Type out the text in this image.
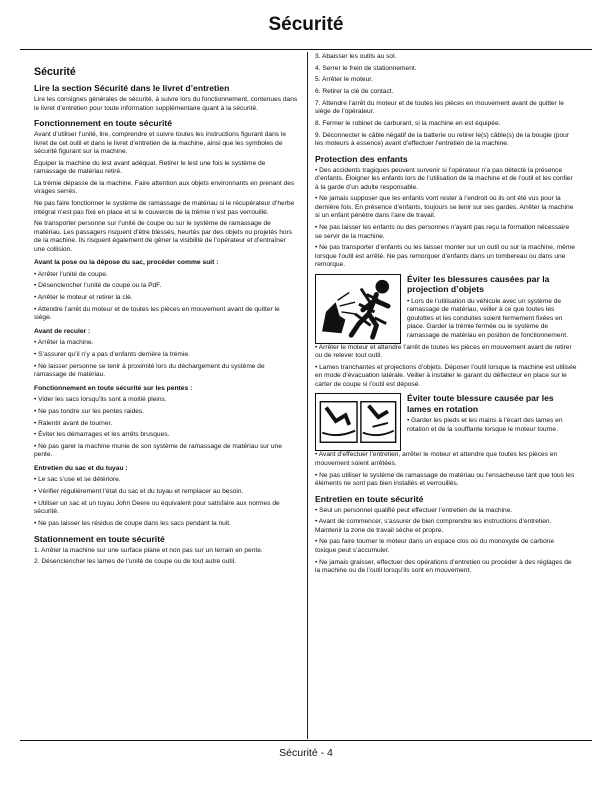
Sécurité
Sécurité
Lire la section Sécurité dans le livret d’entretien

Lire les consignes générales de sécurité, à suivre lors du fonctionnement, contenues dans le livret d’entretien pour toute information supplémentaire quant à la sécurité.

Fonctionnement en toute sécurité

Avant d’utiliser l’unité, lire, comprendre et suivre toutes les instructions figurant dans le livret de cet outil et dans le livret d’entretien de la machine, ainsi que les symboles de sécurité figurant sur la machine.

Équiper la machine du lest avant adéquat. Retirer le lest une fois le système de ramassage de matériau retiré.

La trémie dépasse de la machine. Faire attention aux objets environnants en prenant des virages serrés.

Ne pas faire fonctionner le système de ramassage de matériau si le récupérateur d’herbe intégral n’est pas fixé en place et si le couvercle de la trémie n’est pas verrouillé.

Ne transporter personne sur l’unité de coupe ou sur le système de ramassage de matériau. Les passagers risquent d’être blessés, heurtés par des objets ou projetés hors de la machine. Ils risquent également de gêner la visibilité de l’opérateur et d’entraîner une collision.

Avant la pose ou la dépose du sac, procéder comme suit :

• Arrêter l’unité de coupe.

• Désenclencher l’unité de coupe ou la PdF.

• Arrêter le moteur et retirer la clé.

• Attendre l’arrêt du moteur et de toutes les pièces en mouvement avant de quitter le siège.

Avant de reculer :

• Arrêter la machine.

• S’assurer qu’il n’y a pas d’enfants derrière la trémie.

• Ne laisser personne se tenir à proximité lors du déchargement du système de ramassage de matériau.

Fonctionnement en toute sécurité sur les pentes :

• Vider les sacs lorsqu’ils sont à moitié pleins.

• Ne pas tondre sur les pentes raides.

• Ralentir avant de tourner.

• Éviter les démarrages et les arrêts brusques.

• Ne pas garer la machine munie de son système de ramassage de matériau sur une pente.

Entretien du sac et du tuyau :

• Le sac s’use et se détériore.

• Vérifier régulièrement l’état du sac et du tuyau et remplacer au besoin.

• Utiliser un sac et un tuyau John Deere ou équivalent pour satisfaire aux normes de sécurité.

• Ne pas laisser les résidus de coupe dans les sacs pendant la nuit.

Stationnement en toute sécurité

1. Arrêter la machine sur une surface plane et non pas sur un terrain en pente.

2. Désenclencher les lames de l’unité de coupe ou de tout autre outil.

3. Abaisser les outils au sol.

4. Serrer le frein de stationnement.

5. Arrêter le moteur.

6. Retirer la clé de contact.

7. Attendre l’arrêt du moteur et de toutes les pièces en mouvement avant de quitter le siège de l’opérateur.

8. Fermer le robinet de carburant, si la machine en est équipée.

9. Déconnecter le câble négatif de la batterie ou retirer le(s) câble(s) de la bougie (pour les moteurs à essence) avant d’effectuer l’entretien de la machine.

Protection des enfants

• Des accidents tragiques peuvent survenir si l’opérateur n’a pas détecté la présence d’enfants. Éloigner les enfants lors de l’utilisation de la machine et de l’outil et les confier à la garde d’un adulte responsable.

• Ne jamais supposer que les enfants vont rester à l’endroit où ils ont été vus pour la dernière fois. En présence d’enfants, toujours se tenir sur ses gardes. Arrêter la machine si un enfant pénètre dans l’aire de travail.

• Ne pas laisser les enfants ou des personnes n’ayant pas reçu la formation nécessaire se servir de la machine.

• Ne pas transporter d’enfants ou les laisser monter sur un outil ou sur la machine, même lorsque l’outil est arrêté. Ne pas remorquer d’enfants dans un tombereau ou dans une remorque.

Éviter les blessures causées par la projection d’objets

• Lors de l’utilisation du véhicule avec un système de ramassage de matériau, veiller à ce que toutes les goulottes et les conduites soient fermement fixées en place. Garder la trémie fermée ou le système de ramassage de matériau en position de fonctionnement.

• Arrêter le moteur et attendre l’arrêt de toutes les pièces en mouvement avant de retirer ou de relever tout outil.

• Lames tranchantes et projections d’objets. Déposer l’outil lorsque la machine est utilisée en mode d’évacuation latérale. Veiller à installer le garant du déflecteur en place sur le carter de coupe si l’outil est déposé.

Éviter toute blessure causée par les lames en rotation

• Garder les pieds et les mains à l’écart des lames en rotation et de la soufflante lorsque le moteur tourne.

• Avant d’effectuer l’entretien, arrêter le moteur et attendre que toutes les pièces en mouvement soient arrêtées.

• Ne pas utiliser le système de ramassage de matériau ou l’ensacheuse tant que tous les éléments ne sont pas bien installés et verrouillés.

Entretien en toute sécurité

• Seul un personnel qualifié peut effectuer l’entretien de la machine.

• Avant de commencer, s’assurer de bien comprendre les instructions d’entretien. Maintenir la zone de travail sèche et propre.

• Ne pas faire tourner le moteur dans un espace clos où du monoxyde de carbone toxique peut s’accumuler.

• Ne jamais graisser, effectuer des opérations d’entretien ou procéder à des réglages de la machine ou de l’outil lorsqu’ils sont en mouvement.

Sécurité - 4
